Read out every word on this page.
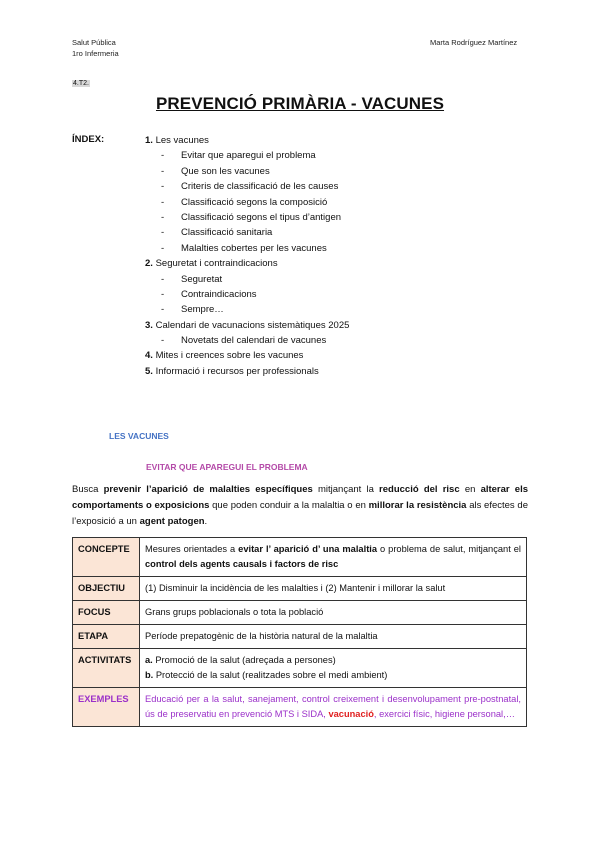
Salut Pública
1ro Infermeria
Marta Rodríguez Martínez
4.T2.
PREVENCIÓ PRIMÀRIA - VACUNES
ÍNDEX:	1. Les vacunes
- Evitar que aparegui el problema
- Que son les vacunes
- Criteris de classificació de les causes
- Classificació segons la composició
- Classificació segons el tipus d’antigen
- Classificació sanitaria
- Malalties cobertes per les vacunes
2. Seguretat i contraindicacions
- Seguretat
- Contraindicacions
- Sempre…
3. Calendari de vacunacions sistemàtiques 2025
- Novetats del calendari de vacunes
4. Mites i creences sobre les vacunes
5. Informació i recursos per professionals
LES VACUNES
EVITAR QUE APAREGUI EL PROBLEMA
Busca prevenir l’aparició de malalties específiques mitjançant la reducció del risc en alterar els comportaments o exposicions que poden conduir a la malaltia o en millorar la resistència als efectes de l’exposició a un agent patogen.
CONCEPTE	Mesures orientades a evitar l’ aparició d’ una malaltia o problema de salut, mitjançant el control dels agents causals i factors de risc
OBJECTIU	(1) Disminuir la incidència de les malalties i (2) Mantenir i millorar la salut
FOCUS	Grans grups poblacionals o tota la població
ETAPA	Període prepatogènic de la història natural de la malaltia
ACTIVITATS	a. Promoció de la salut (adreçada a persones)
b. Protecció de la salut (realitzades sobre el medi ambient)

EXEMPLES	Educació per a la salut, sanejament, control creixement i desenvolupament pre-postnatal, ús de preservatiu en prevenció MTS i SIDA, vacunació, exercici físic, higiene personal,…
